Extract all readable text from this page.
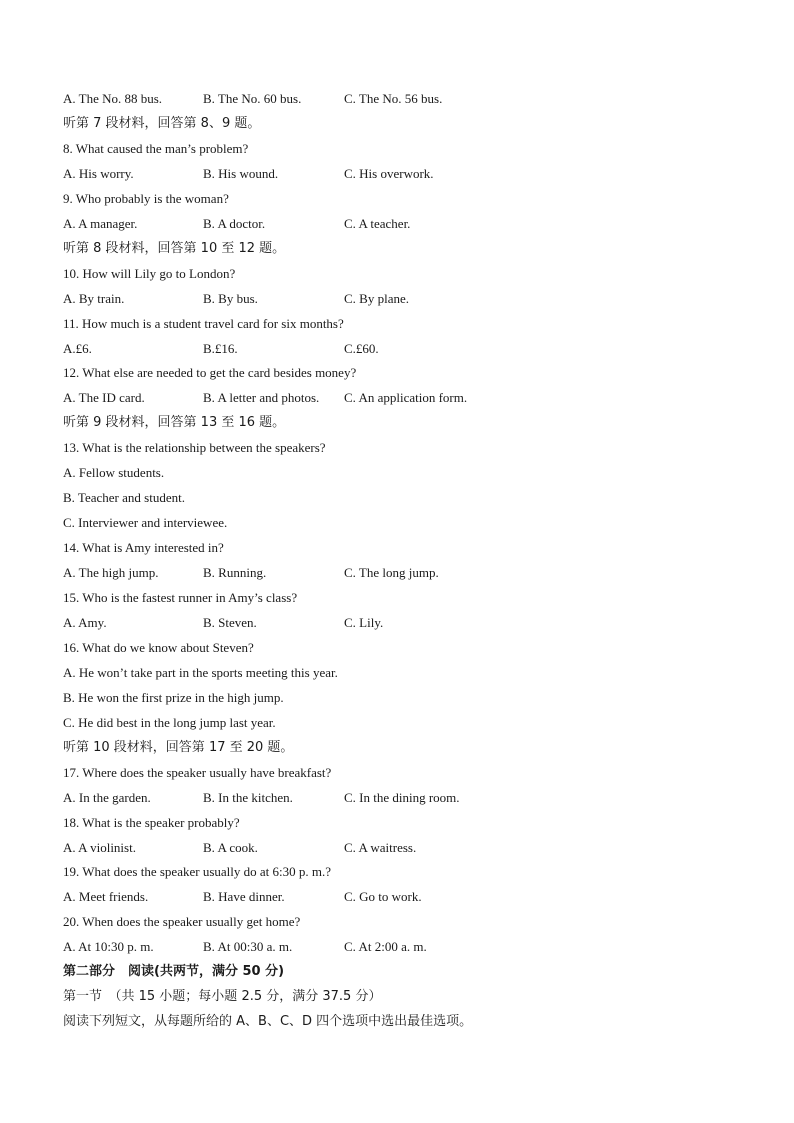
A. The No. 88 bus.	B. The No. 60 bus.	C. The No. 56 bus.
听第 7 段材料，回答第 8、9 题。
8. What caused the man’s problem?
A. His worry.	B. His wound.	C. His overwork.
9. Who probably is the woman?
A. A manager.	B. A doctor.	C. A teacher.
听第 8 段材料，回答第 10 至 12 题。
10. How will Lily go to London?
A. By train.	B. By bus.	C. By plane.
11. How much is a student travel card for six months?
A.£6.	B.£16.	C.£60.
12. What else are needed to get the card besides money?
A. The ID card.	B. A letter and photos. C. An application form.
听第 9 段材料，回答第 13 至 16 题。
13. What is the relationship between the speakers?
A. Fellow students.
B. Teacher and student.
C. Interviewer and interviewee.
14. What is Amy interested in?
A. The high jump.	B. Running.	C. The long jump.
15. Who is the fastest runner in Amy’s class?
A. Amy.	B. Steven.	C. Lily.
16. What do we know about Steven?
A. He won’t take part in the sports meeting this year.
B. He won the first prize in the high jump.
C. He did best in the long jump last year.
听第 10 段材料，回答第 17 至 20 题。
17. Where does the speaker usually have breakfast?
A. In the garden.	B. In the kitchen.	C. In the dining room.
18. What is the speaker probably?
A. A violinist.	B. A cook.	C. A waitress.
19. What does the speaker usually do at 6:30 p. m.?
A. Meet friends.	B. Have dinner.	C. Go to work.
20. When does the speaker usually get home?
A. At 10:30 p. m.	B. At 00:30 a. m.	C. At 2:00 a. m.
第二部分　阅读(共两节，满分 50 分)
第一节　（共 15 小题；每小题 2.5 分，满分 37.5 分）
阅读下列短文，从每题所给的 A、B、C、D 四个选项中选出最佳选项。
